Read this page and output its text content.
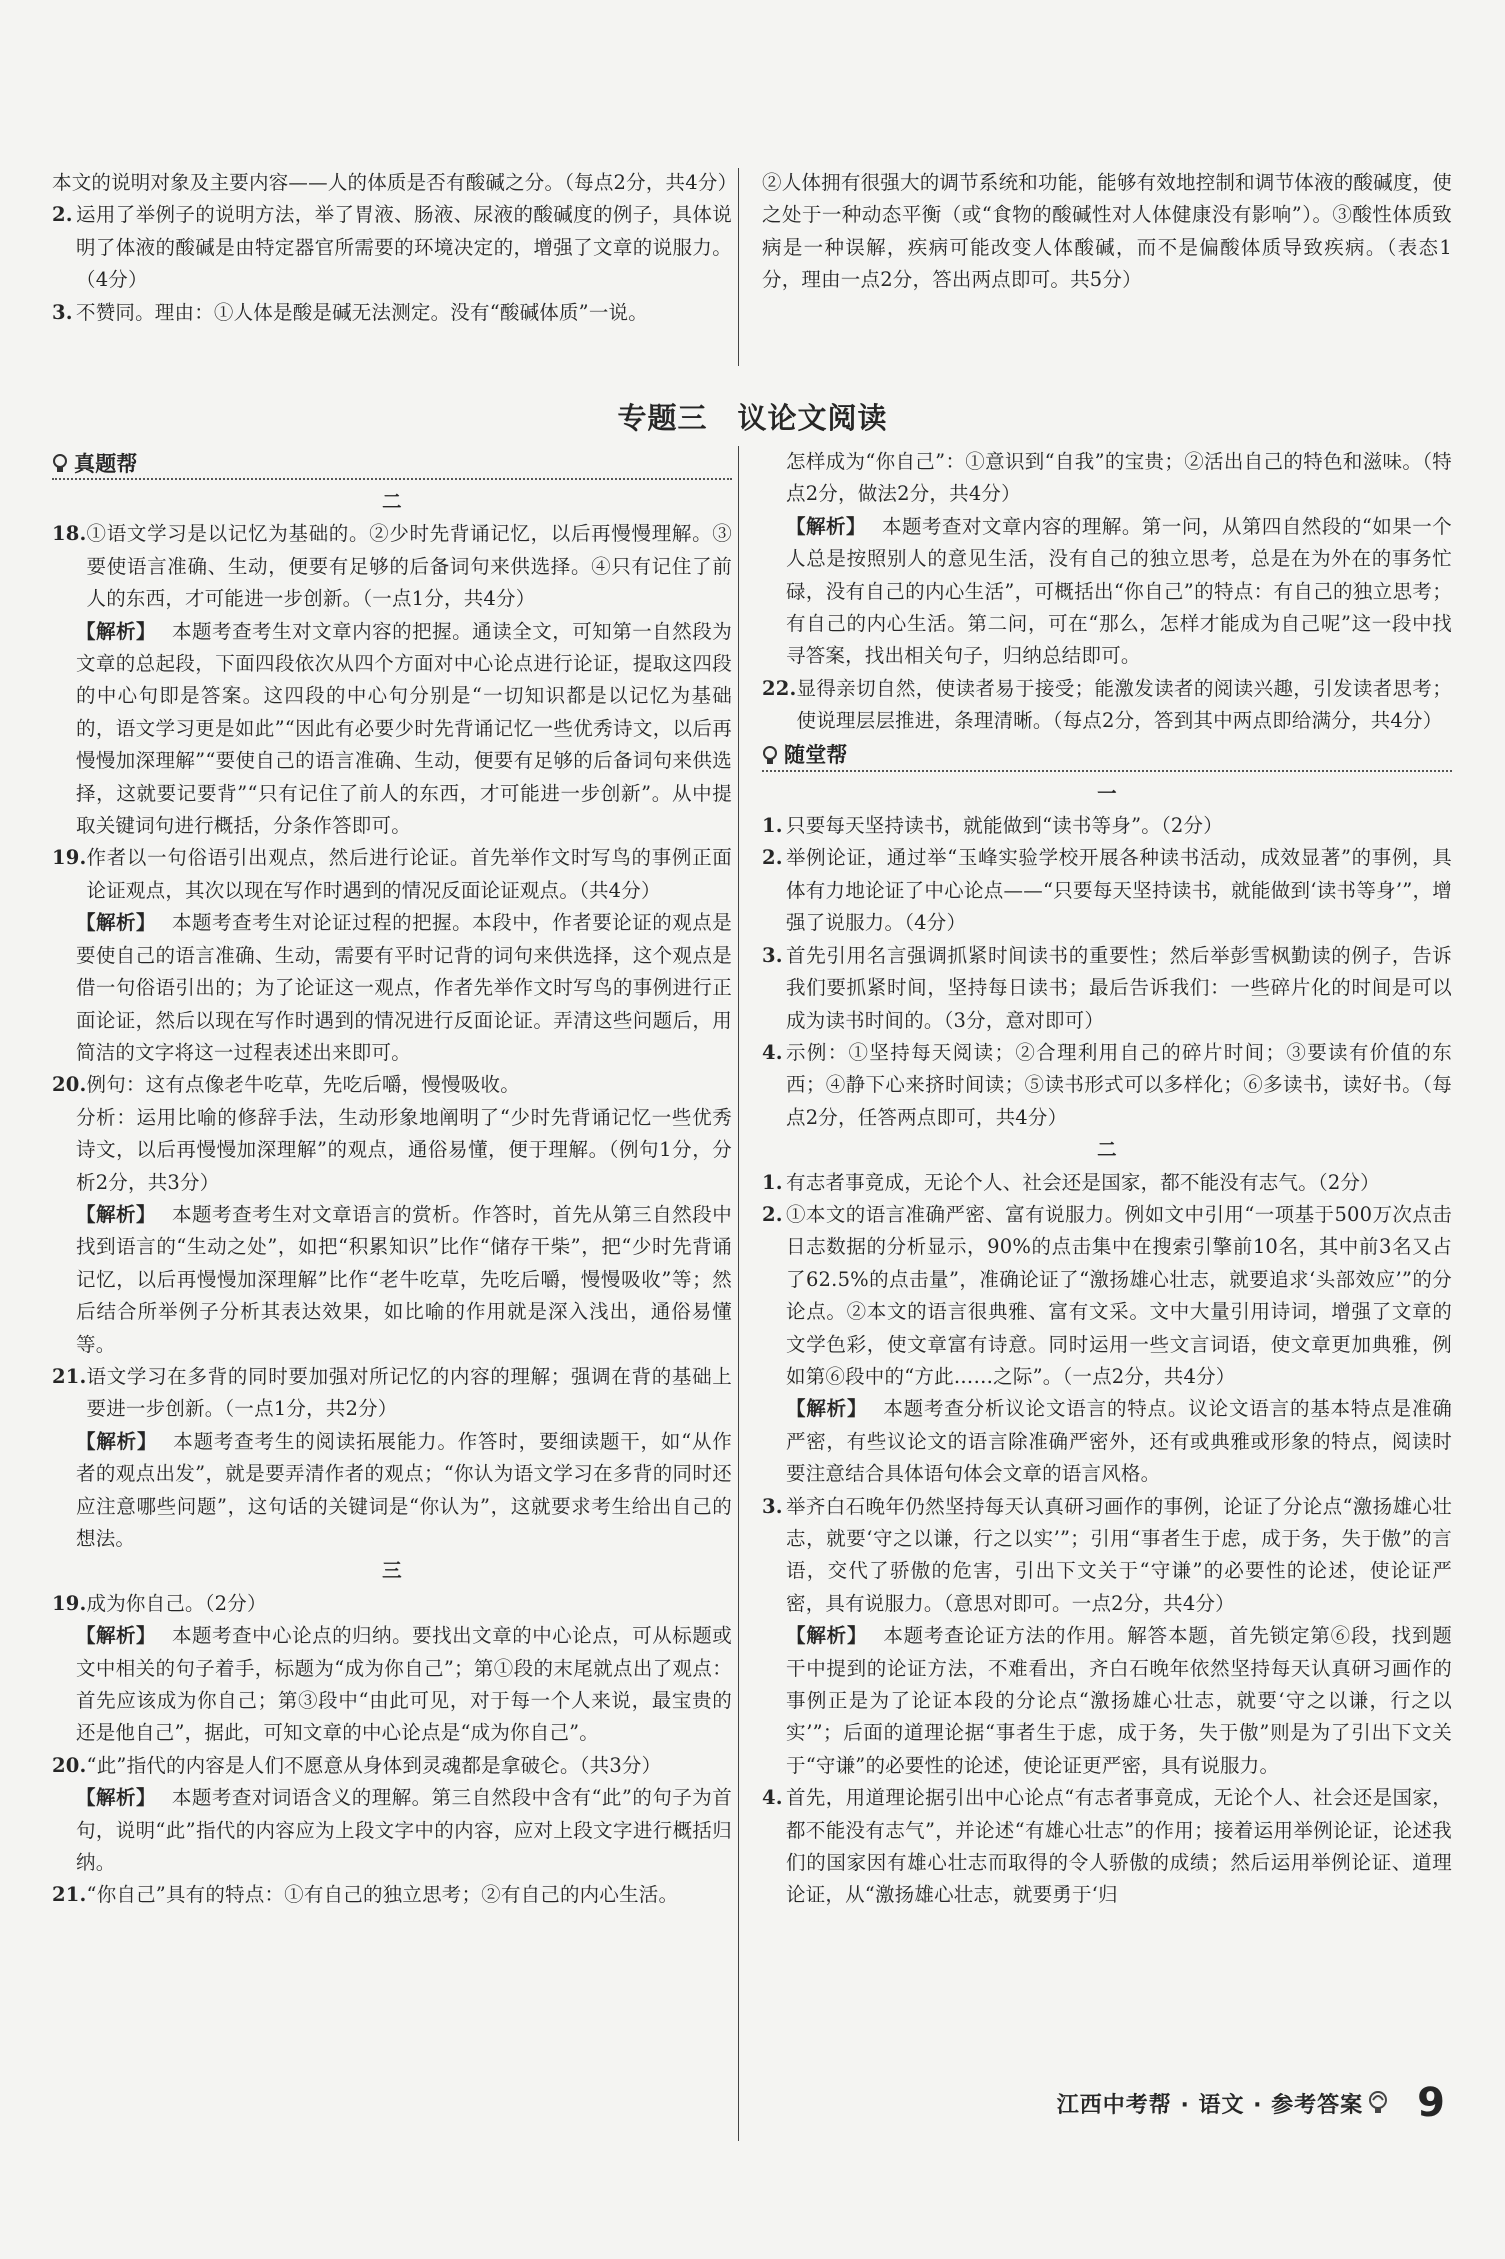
本文的说明对象及主要内容——人的体质是否有酸碱之分。（每点2分，共4分）

2. 运用了举例子的说明方法，举了胃液、肠液、尿液的酸碱度的例子，具体说明了体液的酸碱是由特定器官所需要的环境决定的，增强了文章的说服力。（4分）
3. 不赞同。理由：①人体是酸是碱无法测定。没有“酸碱体质”一说。

②人体拥有很强大的调节系统和功能，能够有效地控制和调节体液的酸碱度，使之处于一种动态平衡（或“食物的酸碱性对人体健康没有影响”）。③酸性体质致病是一种误解，疾病可能改变人体酸碱，而不是偏酸体质导致疾病。（表态1分，理由一点2分，答出两点即可。共5分）

专题三　议论文阅读
真题帮

二

18. ①语文学习是以记忆为基础的。②少时先背诵记忆，以后再慢慢理解。③要使语言准确、生动，便要有足够的后备词句来供选择。④只有记住了前人的东西，才可能进一步创新。（一点1分，共4分）

【解析】 本题考查考生对文章内容的把握。通读全文，可知第一自然段为文章的总起段，下面四段依次从四个方面对中心论点进行论证，提取这四段的中心句即是答案。这四段的中心句分别是“一切知识都是以记忆为基础的，语文学习更是如此”“因此有必要少时先背诵记忆一些优秀诗文，以后再慢慢加深理解”“要使自己的语言准确、生动，便要有足够的后备词句来供选择，这就要记要背”“只有记住了前人的东西，才可能进一步创新”。从中提取关键词句进行概括，分条作答即可。

19. 作者以一句俗语引出观点，然后进行论证。首先举作文时写鸟的事例正面论证观点，其次以现在写作时遇到的情况反面论证观点。（共4分）

【解析】 本题考查考生对论证过程的把握。本段中，作者要论证的观点是要使自己的语言准确、生动，需要有平时记背的词句来供选择，这个观点是借一句俗语引出的；为了论证这一观点，作者先举作文时写鸟的事例进行正面论证，然后以现在写作时遇到的情况进行反面论证。弄清这些问题后，用简洁的文字将这一过程表述出来即可。

20. 例句：这有点像老牛吃草，先吃后嚼，慢慢吸收。

分析：运用比喻的修辞手法，生动形象地阐明了“少时先背诵记忆一些优秀诗文，以后再慢慢加深理解”的观点，通俗易懂，便于理解。（例句1分，分析2分，共3分）

【解析】 本题考查考生对文章语言的赏析。作答时，首先从第三自然段中找到语言的“生动之处”，如把“积累知识”比作“储存干柴”，把“少时先背诵记忆，以后再慢慢加深理解”比作“老牛吃草，先吃后嚼，慢慢吸收”等；然后结合所举例子分析其表达效果，如比喻的作用就是深入浅出，通俗易懂等。

21. 语文学习在多背的同时要加强对所记忆的内容的理解；强调在背的基础上要进一步创新。（一点1分，共2分）

【解析】 本题考查考生的阅读拓展能力。作答时，要细读题干，如“从作者的观点出发”，就是要弄清作者的观点；“你认为语文学习在多背的同时还应注意哪些问题”，这句话的关键词是“你认为”，这就要求考生给出自己的想法。

三

19. 成为你自己。（2分）

【解析】 本题考查中心论点的归纳。要找出文章的中心论点，可从标题或文中相关的句子着手，标题为“成为你自己”；第①段的末尾就点出了观点：首先应该成为你自己；第③段中“由此可见，对于每一个人来说，最宝贵的还是他自己”，据此，可知文章的中心论点是“成为你自己”。

20. “此”指代的内容是人们不愿意从身体到灵魂都是拿破仑。（共3分）

【解析】 本题考查对词语含义的理解。第三自然段中含有“此”的句子为首句，说明“此”指代的内容应为上段文字中的内容，应对上段文字进行概括归纳。

21. “你自己”具有的特点：①有自己的独立思考；②有自己的内心生活。

怎样成为“你自己”：①意识到“自我”的宝贵；②活出自己的特色和滋味。（特点2分，做法2分，共4分）

【解析】 本题考查对文章内容的理解。第一问，从第四自然段的“如果一个人总是按照别人的意见生活，没有自己的独立思考，总是在为外在的事务忙碌，没有自己的内心生活”，可概括出“你自己”的特点：有自己的独立思考；有自己的内心生活。第二问，可在“那么，怎样才能成为自己呢”这一段中找寻答案，找出相关句子，归纳总结即可。

22. 显得亲切自然，使读者易于接受；能激发读者的阅读兴趣，引发读者思考；使说理层层推进，条理清晰。（每点2分，答到其中两点即给满分，共4分）
随堂帮

一

1. 只要每天坚持读书，就能做到“读书等身”。（2分）
2. 举例论证，通过举“玉峰实验学校开展各种读书活动，成效显著”的事例，具体有力地论证了中心论点——“只要每天坚持读书，就能做到‘读书等身’”，增强了说服力。（4分）
3. 首先引用名言强调抓紧时间读书的重要性；然后举彭雪枫勤读的例子，告诉我们要抓紧时间，坚持每日读书；最后告诉我们：一些碎片化的时间是可以成为读书时间的。（3分，意对即可）
4. 示例：①坚持每天阅读；②合理利用自己的碎片时间；③要读有价值的东西；④静下心来挤时间读；⑤读书形式可以多样化；⑥多读书，读好书。（每点2分，任答两点即可，共4分）

二

1. 有志者事竟成，无论个人、社会还是国家，都不能没有志气。（2分）
2. ①本文的语言准确严密、富有说服力。例如文中引用“一项基于500万次点击日志数据的分析显示，90%的点击集中在搜索引擎前10名，其中前3名又占了62.5%的点击量”，准确论证了“激扬雄心壮志，就要追求‘头部效应’”的分论点。②本文的语言很典雅、富有文采。文中大量引用诗词，增强了文章的文学色彩，使文章富有诗意。同时运用一些文言词语，使文章更加典雅，例如第⑥段中的“方此……之际”。（一点2分，共4分）

【解析】 本题考查分析议论文语言的特点。议论文语言的基本特点是准确严密，有些议论文的语言除准确严密外，还有或典雅或形象的特点，阅读时要注意结合具体语句体会文章的语言风格。

3. 举齐白石晚年仍然坚持每天认真研习画作的事例，论证了分论点“激扬雄心壮志，就要‘守之以谦，行之以实’”；引用“事者生于虑，成于务，失于傲”的言语，交代了骄傲的危害，引出下文关于“守谦”的必要性的论述，使论证严密，具有说服力。（意思对即可。一点2分，共4分）

【解析】 本题考查论证方法的作用。解答本题，首先锁定第⑥段，找到题干中提到的论证方法，不难看出，齐白石晚年依然坚持每天认真研习画作的事例正是为了论证本段的分论点“激扬雄心壮志，就要‘守之以谦，行之以实’”；后面的道理论据“事者生于虑，成于务，失于傲”则是为了引出下文关于“守谦”的必要性的论述，使论证更严密，具有说服力。

4. 首先，用道理论据引出中心论点“有志者事竟成，无论个人、社会还是国家，都不能没有志气”，并论述“有雄心壮志”的作用；接着运用举例论证，论述我们的国家因有雄心壮志而取得的令人骄傲的成绩；然后运用举例论证、道理论证，从“激扬雄心壮志，就要勇于‘归
江西中考帮 · 语文 · 参考答案 9
